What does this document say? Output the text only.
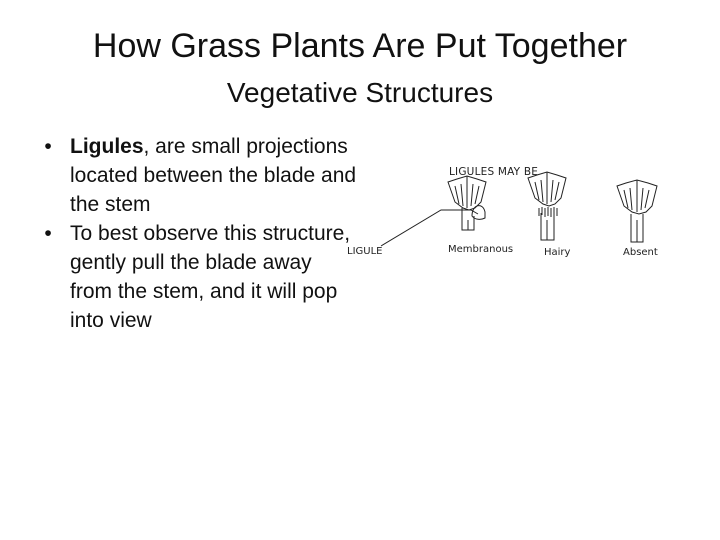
How Grass Plants Are Put Together
Vegetative Structures
• Ligules, are small projections located between the blade and the stem
• To best observe this structure, gently pull the blade away from the stem, and it will pop into view
LIGULES MAY BE
LIGULE	Membranous	Hairy	Absent
